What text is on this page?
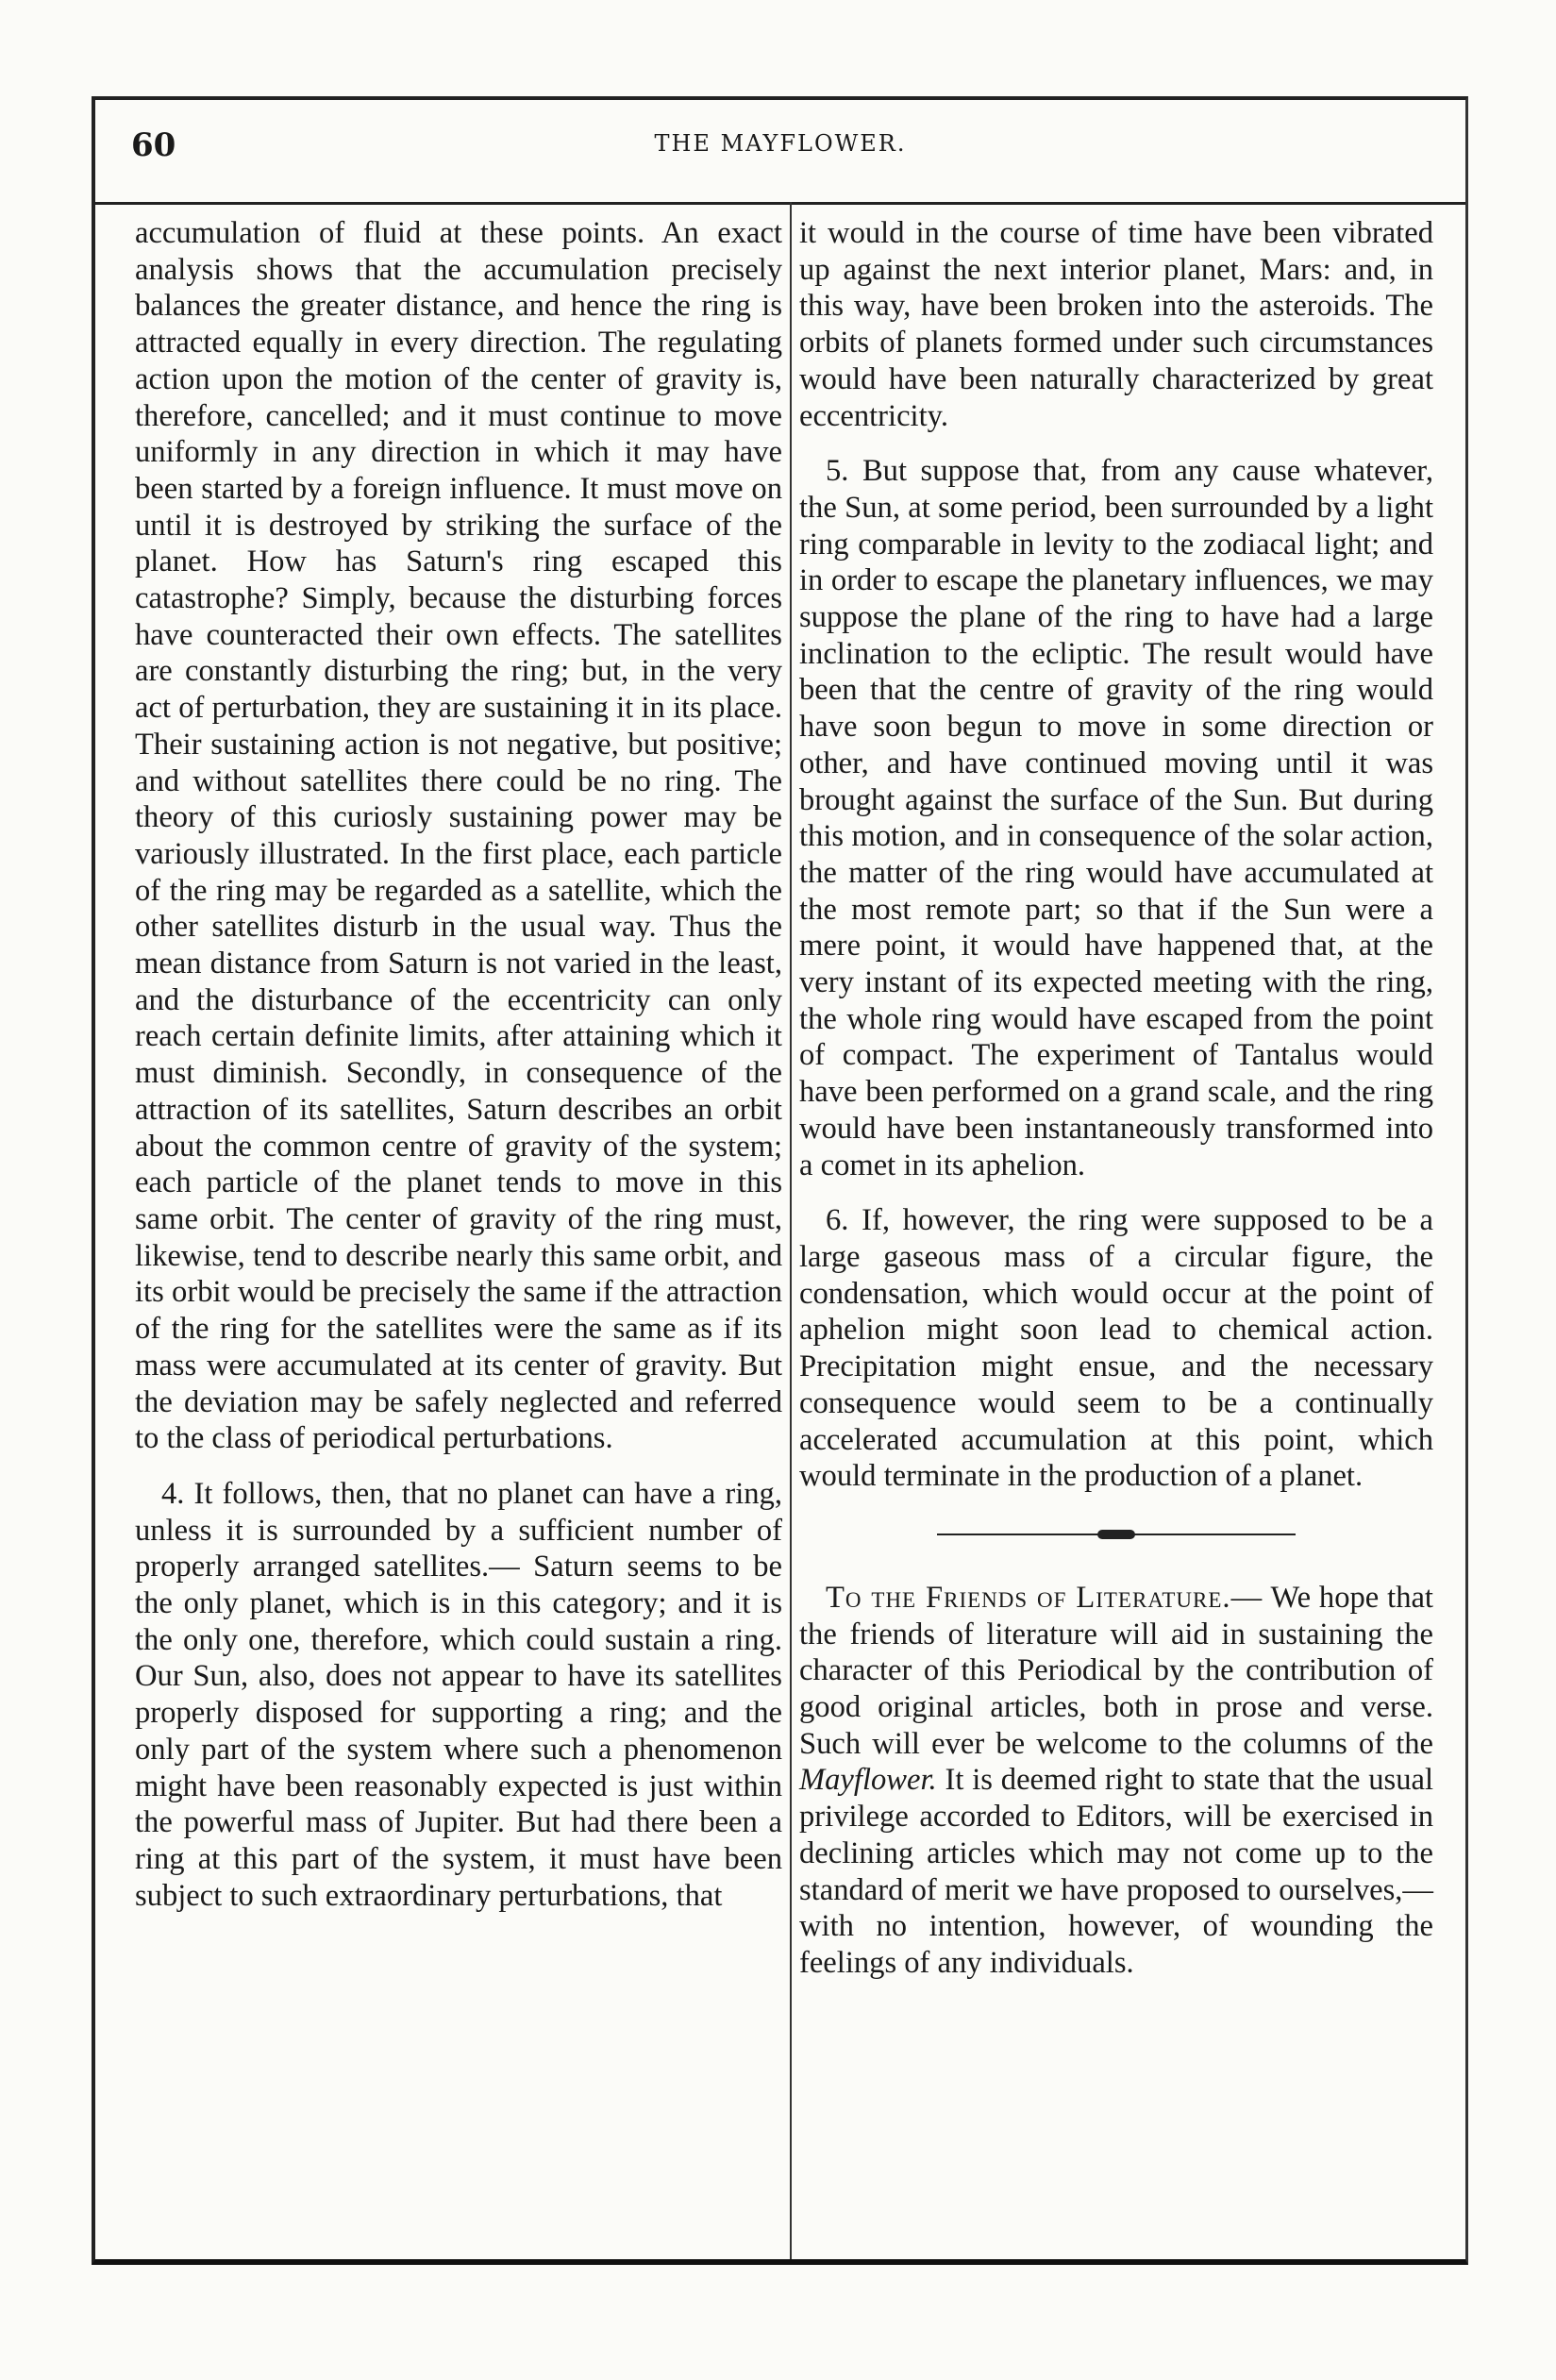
60	THE MAYFLOWER.

accumulation of fluid at these points. An exact analysis shows that the accumulation precisely balances the greater distance, and hence the ring is attracted equally in every direction. The regulating action upon the motion of the center of gravity is, therefore, cancelled; and it must continue to move uniformly in any direction in which it may have been started by a foreign influence. It must move on until it is destroyed by striking the surface of the planet. How has Saturn's ring escaped this catastrophe? Simply, because the disturbing forces have counteracted their own effects. The satellites are constantly disturbing the ring; but, in the very act of perturbation, they are sustaining it in its place. Their sustaining action is not negative, but positive; and without satellites there could be no ring. The theory of this curiosly sustaining power may be variously illustrated. In the first place, each particle of the ring may be regarded as a satellite, which the other satellites disturb in the usual way. Thus the mean distance from Saturn is not varied in the least, and the disturbance of the eccentricity can only reach certain definite limits, after attaining which it must diminish. Secondly, in consequence of the attraction of its satellites, Saturn describes an orbit about the common centre of gravity of the system; each particle of the planet tends to move in this same orbit. The center of gravity of the ring must, likewise, tend to describe nearly this same orbit, and its orbit would be precisely the same if the attraction of the ring for the satellites were the same as if its mass were accumulated at its center of gravity. But the deviation may be safely neglected and referred to the class of periodical perturbations.

4. It follows, then, that no planet can have a ring, unless it is surrounded by a sufficient number of properly arranged satellites.— Saturn seems to be the only planet, which is in this category; and it is the only one, therefore, which could sustain a ring. Our Sun, also, does not appear to have its satellites properly disposed for supporting a ring; and the only part of the system where such a phenomenon might have been reasonably expected is just within the powerful mass of Jupiter. But had there been a ring at this part of the system, it must have been subject to such extraordinary perturbations, that

it would in the course of time have been vibrated up against the next interior planet, Mars: and, in this way, have been broken into the asteroids. The orbits of planets formed under such circumstances would have been naturally characterized by great eccentricity.

5. But suppose that, from any cause whatever, the Sun, at some period, been surrounded by a light ring comparable in levity to the zodiacal light; and in order to escape the planetary influences, we may suppose the plane of the ring to have had a large inclination to the ecliptic. The result would have been that the centre of gravity of the ring would have soon begun to move in some direction or other, and have continued moving until it was brought against the surface of the Sun. But during this motion, and in consequence of the solar action, the matter of the ring would have accumulated at the most remote part; so that if the Sun were a mere point, it would have happened that, at the very instant of its expected meeting with the ring, the whole ring would have escaped from the point of compact. The experiment of Tantalus would have been performed on a grand scale, and the ring would have been instantaneously transformed into a comet in its aphelion.

6. If, however, the ring were supposed to be a large gaseous mass of a circular figure, the condensation, which would occur at the point of aphelion might soon lead to chemical action. Precipitation might ensue, and the necessary consequence would seem to be a continually accelerated accumulation at this point, which would terminate in the production of a planet.

To the Friends of Literature.— We hope that the friends of literature will aid in sustaining the character of this Periodical by the contribution of good original articles, both in prose and verse. Such will ever be welcome to the columns of the Mayflower. It is deemed right to state that the usual privilege accorded to Editors, will be exercised in declining articles which may not come up to the standard of merit we have proposed to ourselves,—with no intention, however, of wounding the feelings of any individuals.
